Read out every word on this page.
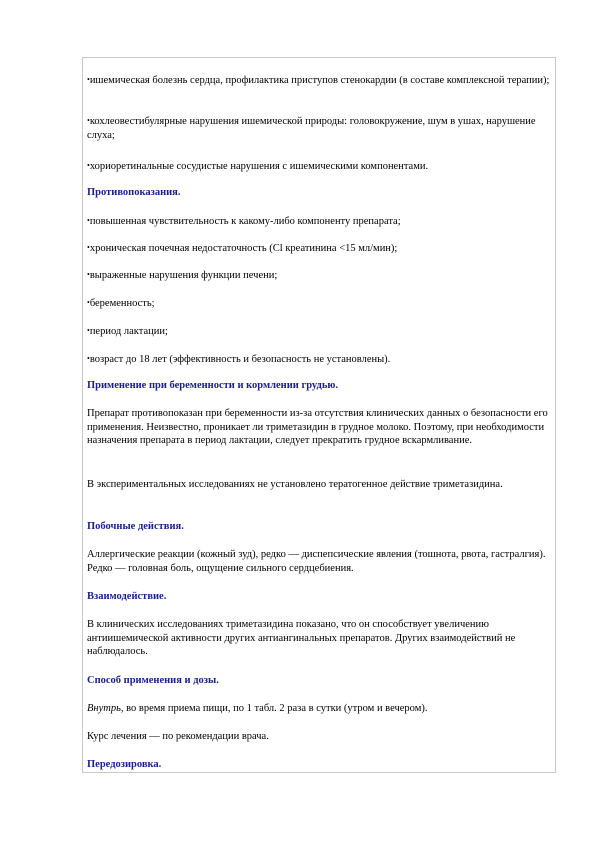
•ишемическая болезнь сердца, профилактика приступов стенокардии (в составе комплексной терапии);

•кохлеовестибулярные нарушения ишемической природы: головокружение, шум в ушах, нарушение слуха;

•хориоретинальные сосудистые нарушения с ишемическими компонентами.

Противопоказания.

•повышенная чувствительность к какому-либо компоненту препарата;

•хроническая почечная недостаточность (Cl креатинина <15 мл/мин);

•выраженные нарушения функции печени;

•беременность;

•период лактации;

•возраст до 18 лет (эффективность и безопасность не установлены).

Применение при беременности и кормлении грудью.

Препарат противопоказан при беременности из-за отсутствия клинических данных о безопасности его применения. Неизвестно, проникает ли триметазидин в грудное молоко. Поэтому, при необходимости назначения препарата в период лактации, следует прекратить грудное вскармливание.

В экспериментальных исследованиях не установлено тератогенное действие триметазидина.

Побочные действия.

Аллергические реакции (кожный зуд), редко — диспепсические явления (тошнота, рвота, гастралгия). Редко — головная боль, ощущение сильного сердцебиения.

Взаимодействие.

В клинических исследованиях триметазидина показано, что он способствует увеличению антиишемической активности других антиангинальных препаратов. Других взаимодействий не наблюдалось.

Способ применения и дозы.

Внутрь, во время приема пищи, по 1 табл. 2 раза в сутки (утром и вечером).

Курс лечения — по рекомендации врача.

Передозировка.
